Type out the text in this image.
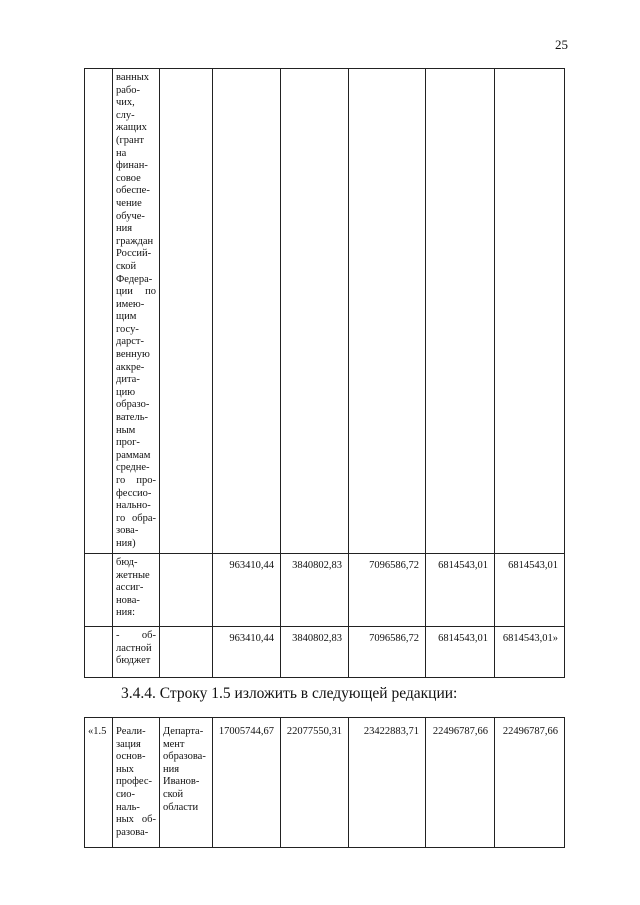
25
	ванных рабо- чих, слу- жащих (грант на финан- совое обеспе- чение обуче- ния граждан Россий- ской Федера- ции по имею- щим госу- дарст- венную аккре- дита- цию образо- ватель- ным прог- раммам средне- го про- фессио- нально- го обра- зова- ния)						
	бюд- жетные ассиг- нова- ния:		963410,44	3840802,83	7096586,72	6814543,01	6814543,01
	- об- ластной бюджет		963410,44	3840802,83	7096586,72	6814543,01	6814543,01»
3.4.4. Строку 1.5 изложить в следующей редакции:
«1.5	Реали- зация основ- ных профес- сио- наль- ных об- разова-	Департа- мент образова- ния Иванов- ской области	17005744,67	22077550,31	23422883,71	22496787,66	22496787,66
